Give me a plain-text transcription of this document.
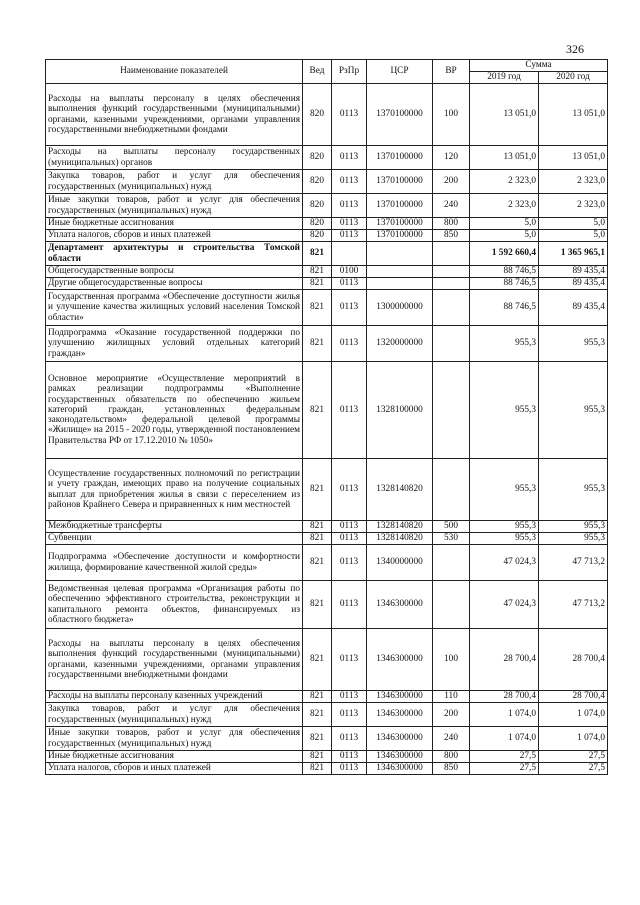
326
Наименование показателей	Вед	РзПр	ЦСР	ВР	Сумма	
					2019 год	2020 год
Расходы на выплаты персоналу в целях обеспечения выполнения функций государственными (муниципальными) органами, казенными учреждениями, органами управления государственными внебюджетными фондами	820	0113	1370100000	100	13 051,0	13 051,0
Расходы на выплаты персоналу государственных (муниципальных) органов	820	0113	1370100000	120	13 051,0	13 051,0
Закупка товаров, работ и услуг для обеспечения государственных (муниципальных) нужд	820	0113	1370100000	200	2 323,0	2 323,0
Иные закупки товаров, работ и услуг для обеспечения государственных (муниципальных) нужд	820	0113	1370100000	240	2 323,0	2 323,0
Иные бюджетные ассигнования	820	0113	1370100000	800	5,0	5,0
Уплата налогов, сборов и иных платежей	820	0113	1370100000	850	5,0	5,0
Департамент архитектуры и строительства Томской области	821				1 592 660,4	1 365 965,1
Общегосударственные вопросы	821	0100			88 746,5	89 435,4
Другие общегосударственные вопросы	821	0113			88 746,5	89 435,4
Государственная программа «Обеспечение доступности жилья и улучшение качества жилищных условий населения Томской области»	821	0113	1300000000		88 746,5	89 435,4
Подпрограмма «Оказание государственной поддержки по улучшению жилищных условий отдельных категорий граждан»	821	0113	1320000000		955,3	955,3
Основное мероприятие «Осуществление мероприятий в рамках реализации подпрограммы «Выполнение государственных обязательств по обеспечению жильем категорий граждан, установленных федеральным законодательством» федеральной целевой программы «Жилище» на 2015 - 2020 годы, утвержденной постановлением Правительства РФ от 17.12.2010 № 1050»	821	0113	1328100000		955,3	955,3
Осуществление государственных полномочий по регистрации и учету граждан, имеющих право на получение социальных выплат для приобретения жилья в связи с переселением из районов Крайнего Севера и приравненных к ним местностей	821	0113	1328140820		955,3	955,3
Межбюджетные трансферты	821	0113	1328140820	500	955,3	955,3
Субвенции	821	0113	1328140820	530	955,3	955,3
Подпрограмма «Обеспечение доступности и комфортности жилища, формирование качественной жилой среды»	821	0113	1340000000		47 024,3	47 713,2
Ведомственная целевая программа «Организация работы по обеспечению эффективного строительства, реконструкции и капитального ремонта объектов, финансируемых из областного бюджета»	821	0113	1346300000		47 024,3	47 713,2
Расходы на выплаты персоналу в целях обеспечения выполнения функций государственными (муниципальными) органами, казенными учреждениями, органами управления государственными внебюджетными фондами	821	0113	1346300000	100	28 700,4	28 700,4
Расходы на выплаты персоналу казенных учреждений	821	0113	1346300000	110	28 700,4	28 700,4
Закупка товаров, работ и услуг для обеспечения государственных (муниципальных) нужд	821	0113	1346300000	200	1 074,0	1 074,0
Иные закупки товаров, работ и услуг для обеспечения государственных (муниципальных) нужд	821	0113	1346300000	240	1 074,0	1 074,0
Иные бюджетные ассигнования	821	0113	1346300000	800	27,5	27,5
Уплата налогов, сборов и иных платежей	821	0113	1346300000	850	27,5	27,5
